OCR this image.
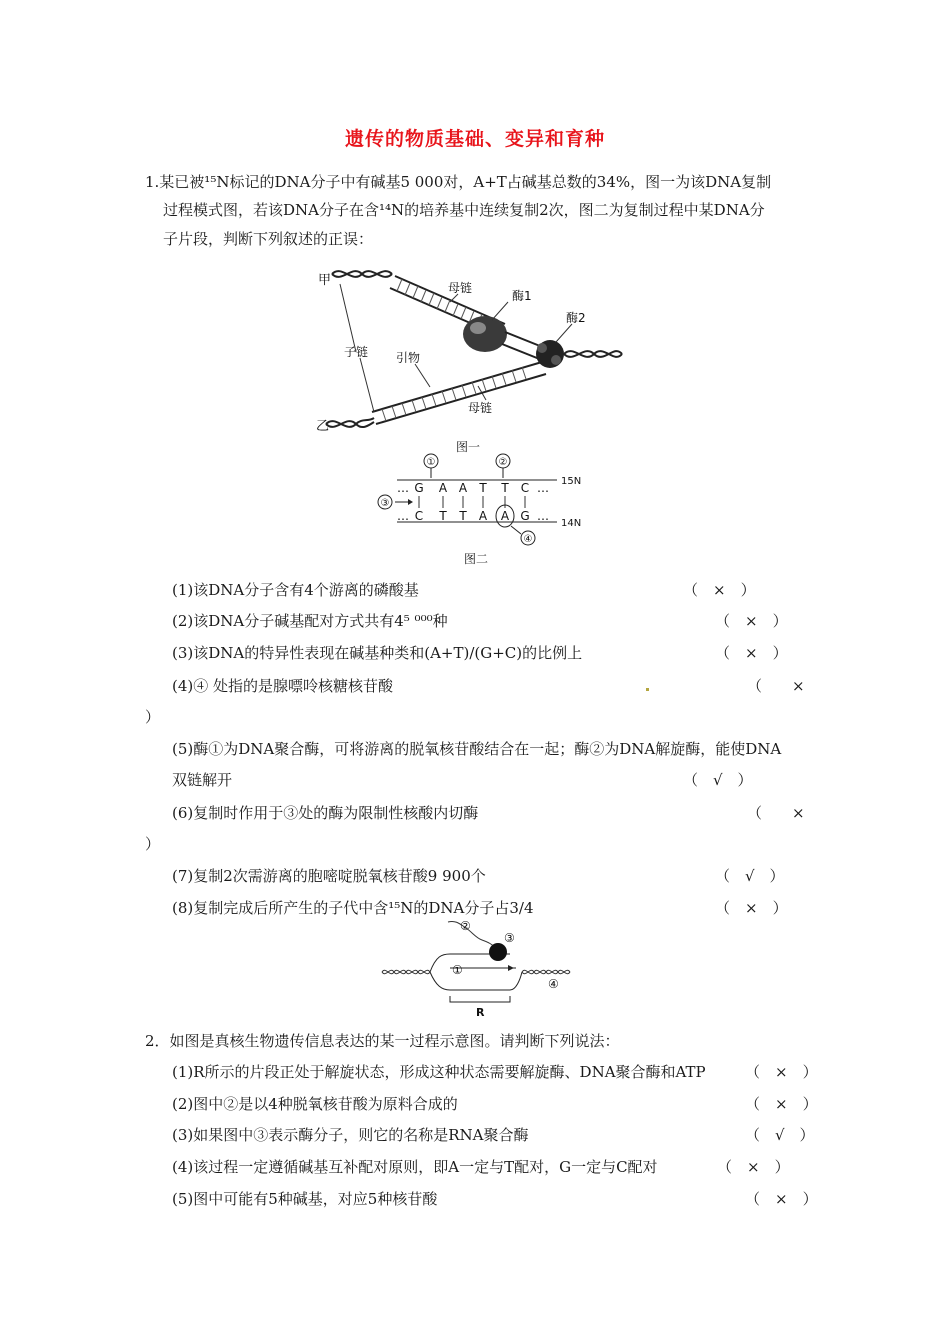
遗传的物质基础、变异和育种
1.某已被¹⁵N标记的DNA分子中有碱基5 000对，A+T占碱基总数的34%，图一为该DNA复制
过程模式图，若该DNA分子在含¹⁴N的培养基中连续复制2次，图二为复制过程中某DNA分
子片段，判断下列叙述的正误：
甲
乙
母链
酶1
酶2
子链 引物
母链
图一
①	②
… G A A T T C …
… C T T A A G …
③
④
15N
14N
图二
(1)该DNA分子含有4个游离的磷酸基	（　×　）
(2)该DNA分子碱基配对方式共有4⁵ ⁰⁰⁰种	（　×　）
(3)该DNA的特异性表现在碱基种类和(A+T)/(G+C)的比例上	（　×　）
(4)④ 处指的是腺嘌呤核糖核苷酸	（　　×
）
(5)酶①为DNA聚合酶，可将游离的脱氧核苷酸结合在一起；酶②为DNA解旋酶，能使DNA
双链解开	（　√　）
(6)复制时作用于③处的酶为限制性核酸内切酶	（　　×
）
(7)复制2次需游离的胞嘧啶脱氧核苷酸9 900个	（　√　）
(8)复制完成后所产生的子代中含¹⁵N的DNA分子占3/4	（　×　）
①
②
③
④
R
2．如图是真核生物遗传信息表达的某一过程示意图。请判断下列说法：
(1)R所示的片段正处于解旋状态，形成这种状态需要解旋酶、DNA聚合酶和ATP	（　×　）
(2)图中②是以4种脱氧核苷酸为原料合成的	（　×　）
(3)如果图中③表示酶分子，则它的名称是RNA聚合酶	（　√　）
(4)该过程一定遵循碱基互补配对原则，即A一定与T配对，G一定与C配对	（　×　）
(5)图中可能有5种碱基，对应5种核苷酸	（　×　）
